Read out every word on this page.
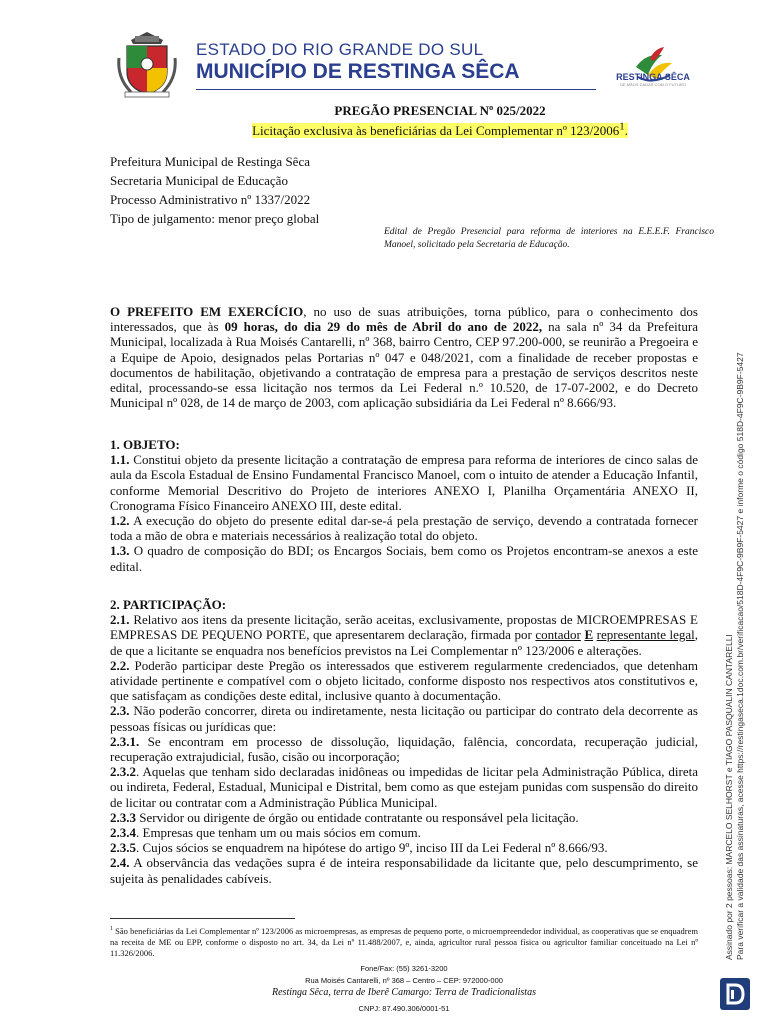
ESTADO DO RIO GRANDE DO SUL
MUNICÍPIO DE RESTINGA SÊCA	RESTINGA SÊCA
DE MÃOS DADAS COM O FUTURO
PREGÃO PRESENCIAL Nº 025/2022
Licitação exclusiva às beneficiárias da Lei Complementar nº 123/2006$^1$.
Prefeitura Municipal de Restinga Sêca
Secretaria Municipal de Educação
Processo Administrativo nº 1337/2022
Tipo de julgamento: menor preço global
Edital de Pregão Presencial para reforma de interiores na E.E.E.F. Francisco Manoel, solicitado pela Secretaria de Educação.
O PREFEITO EM EXERCÍCIO, no uso de suas atribuições, torna público, para o conhecimento dos interessados, que às 09 horas, do dia 29 do mês de Abril do ano de 2022, na sala nº 34 da Prefeitura Municipal, localizada à Rua Moisés Cantarelli, nº 368, bairro Centro, CEP 97.200-000, se reunirão a Pregoeira e a Equipe de Apoio, designados pelas Portarias nº 047 e 048/2021, com a finalidade de receber propostas e documentos de habilitação, objetivando a contratação de empresa para a prestação de serviços descritos neste edital, processando-se essa licitação nos termos da Lei Federal n.º 10.520, de 17-07-2002, e do Decreto Municipal nº 028, de 14 de março de 2003, com aplicação subsidiária da Lei Federal nº 8.666/93.
1. OBJETO:
1.1. Constitui objeto da presente licitação a contratação de empresa para reforma de interiores de cinco salas de aula da Escola Estadual de Ensino Fundamental Francisco Manoel, com o intuito de atender a Educação Infantil, conforme Memorial Descritivo do Projeto de interiores ANEXO I, Planilha Orçamentária ANEXO II, Cronograma Físico Financeiro ANEXO III, deste edital.
1.2. A execução do objeto do presente edital dar-se-á pela prestação de serviço, devendo a contratada fornecer toda a mão de obra e materiais necessários à realização total do objeto.
1.3. O quadro de composição do BDI; os Encargos Sociais, bem como os Projetos encontram-se anexos a este edital.
2. PARTICIPAÇÃO:
2.1. Relativo aos itens da presente licitação, serão aceitas, exclusivamente, propostas de MICROEMPRESAS E EMPRESAS DE PEQUENO PORTE, que apresentarem declaração, firmada por contador E representante legal, de que a licitante se enquadra nos benefícios previstos na Lei Complementar nº 123/2006 e alterações.
2.2. Poderão participar deste Pregão os interessados que estiverem regularmente credenciados, que detenham atividade pertinente e compatível com o objeto licitado, conforme disposto nos respectivos atos constitutivos e, que satisfaçam as condições deste edital, inclusive quanto à documentação.
2.3. Não poderão concorrer, direta ou indiretamente, nesta licitação ou participar do contrato dela decorrente as pessoas físicas ou jurídicas que:
2.3.1. Se encontram em processo de dissolução, liquidação, falência, concordata, recuperação judicial, recuperação extrajudicial, fusão, cisão ou incorporação;
2.3.2. Aquelas que tenham sido declaradas inidôneas ou impedidas de licitar pela Administração Pública, direta ou indireta, Federal, Estadual, Municipal e Distrital, bem como as que estejam punidas com suspensão do direito de licitar ou contratar com a Administração Pública Municipal.
2.3.3 Servidor ou dirigente de órgão ou entidade contratante ou responsável pela licitação.
2.3.4. Empresas que tenham um ou mais sócios em comum.
2.3.5. Cujos sócios se enquadrem na hipótese do artigo 9º, inciso III da Lei Federal nº 8.666/93.
2.4. A observância das vedações supra é de inteira responsabilidade da licitante que, pelo descumprimento, se sujeita às penalidades cabíveis.
$^1$ São beneficiárias da Lei Complementar nº 123/2006 as microempresas, as empresas de pequeno porte, o microempreendedor individual, as cooperativas que se enquadrem na receita de ME ou EPP, conforme o disposto no art. 34, da Lei nº 11.488/2007, e, ainda, agricultor rural pessoa física ou agricultor familiar conceituado na Lei nº 11.326/2006.
Fone/Fax: (55) 3261-3200
Rua Moisés Cantarelli, nº 368 – Centro – CEP: 972000-000
Restinga Sêca, terra de Iberê Camargo: Terra de Tradicionalistas
CNPJ: 87.490.306/0001-51
Assinado por 2 pessoas: MARCELO SELHORST e TIAGO PASQUALIN CANTARELLI Para verificar a validade das assinaturas, acesse https://restingaseca.1doc.com.br/verificacao/518D-4F9C-9B9F-5427 e informe o código 518D-4F9C-9B9F-5427
